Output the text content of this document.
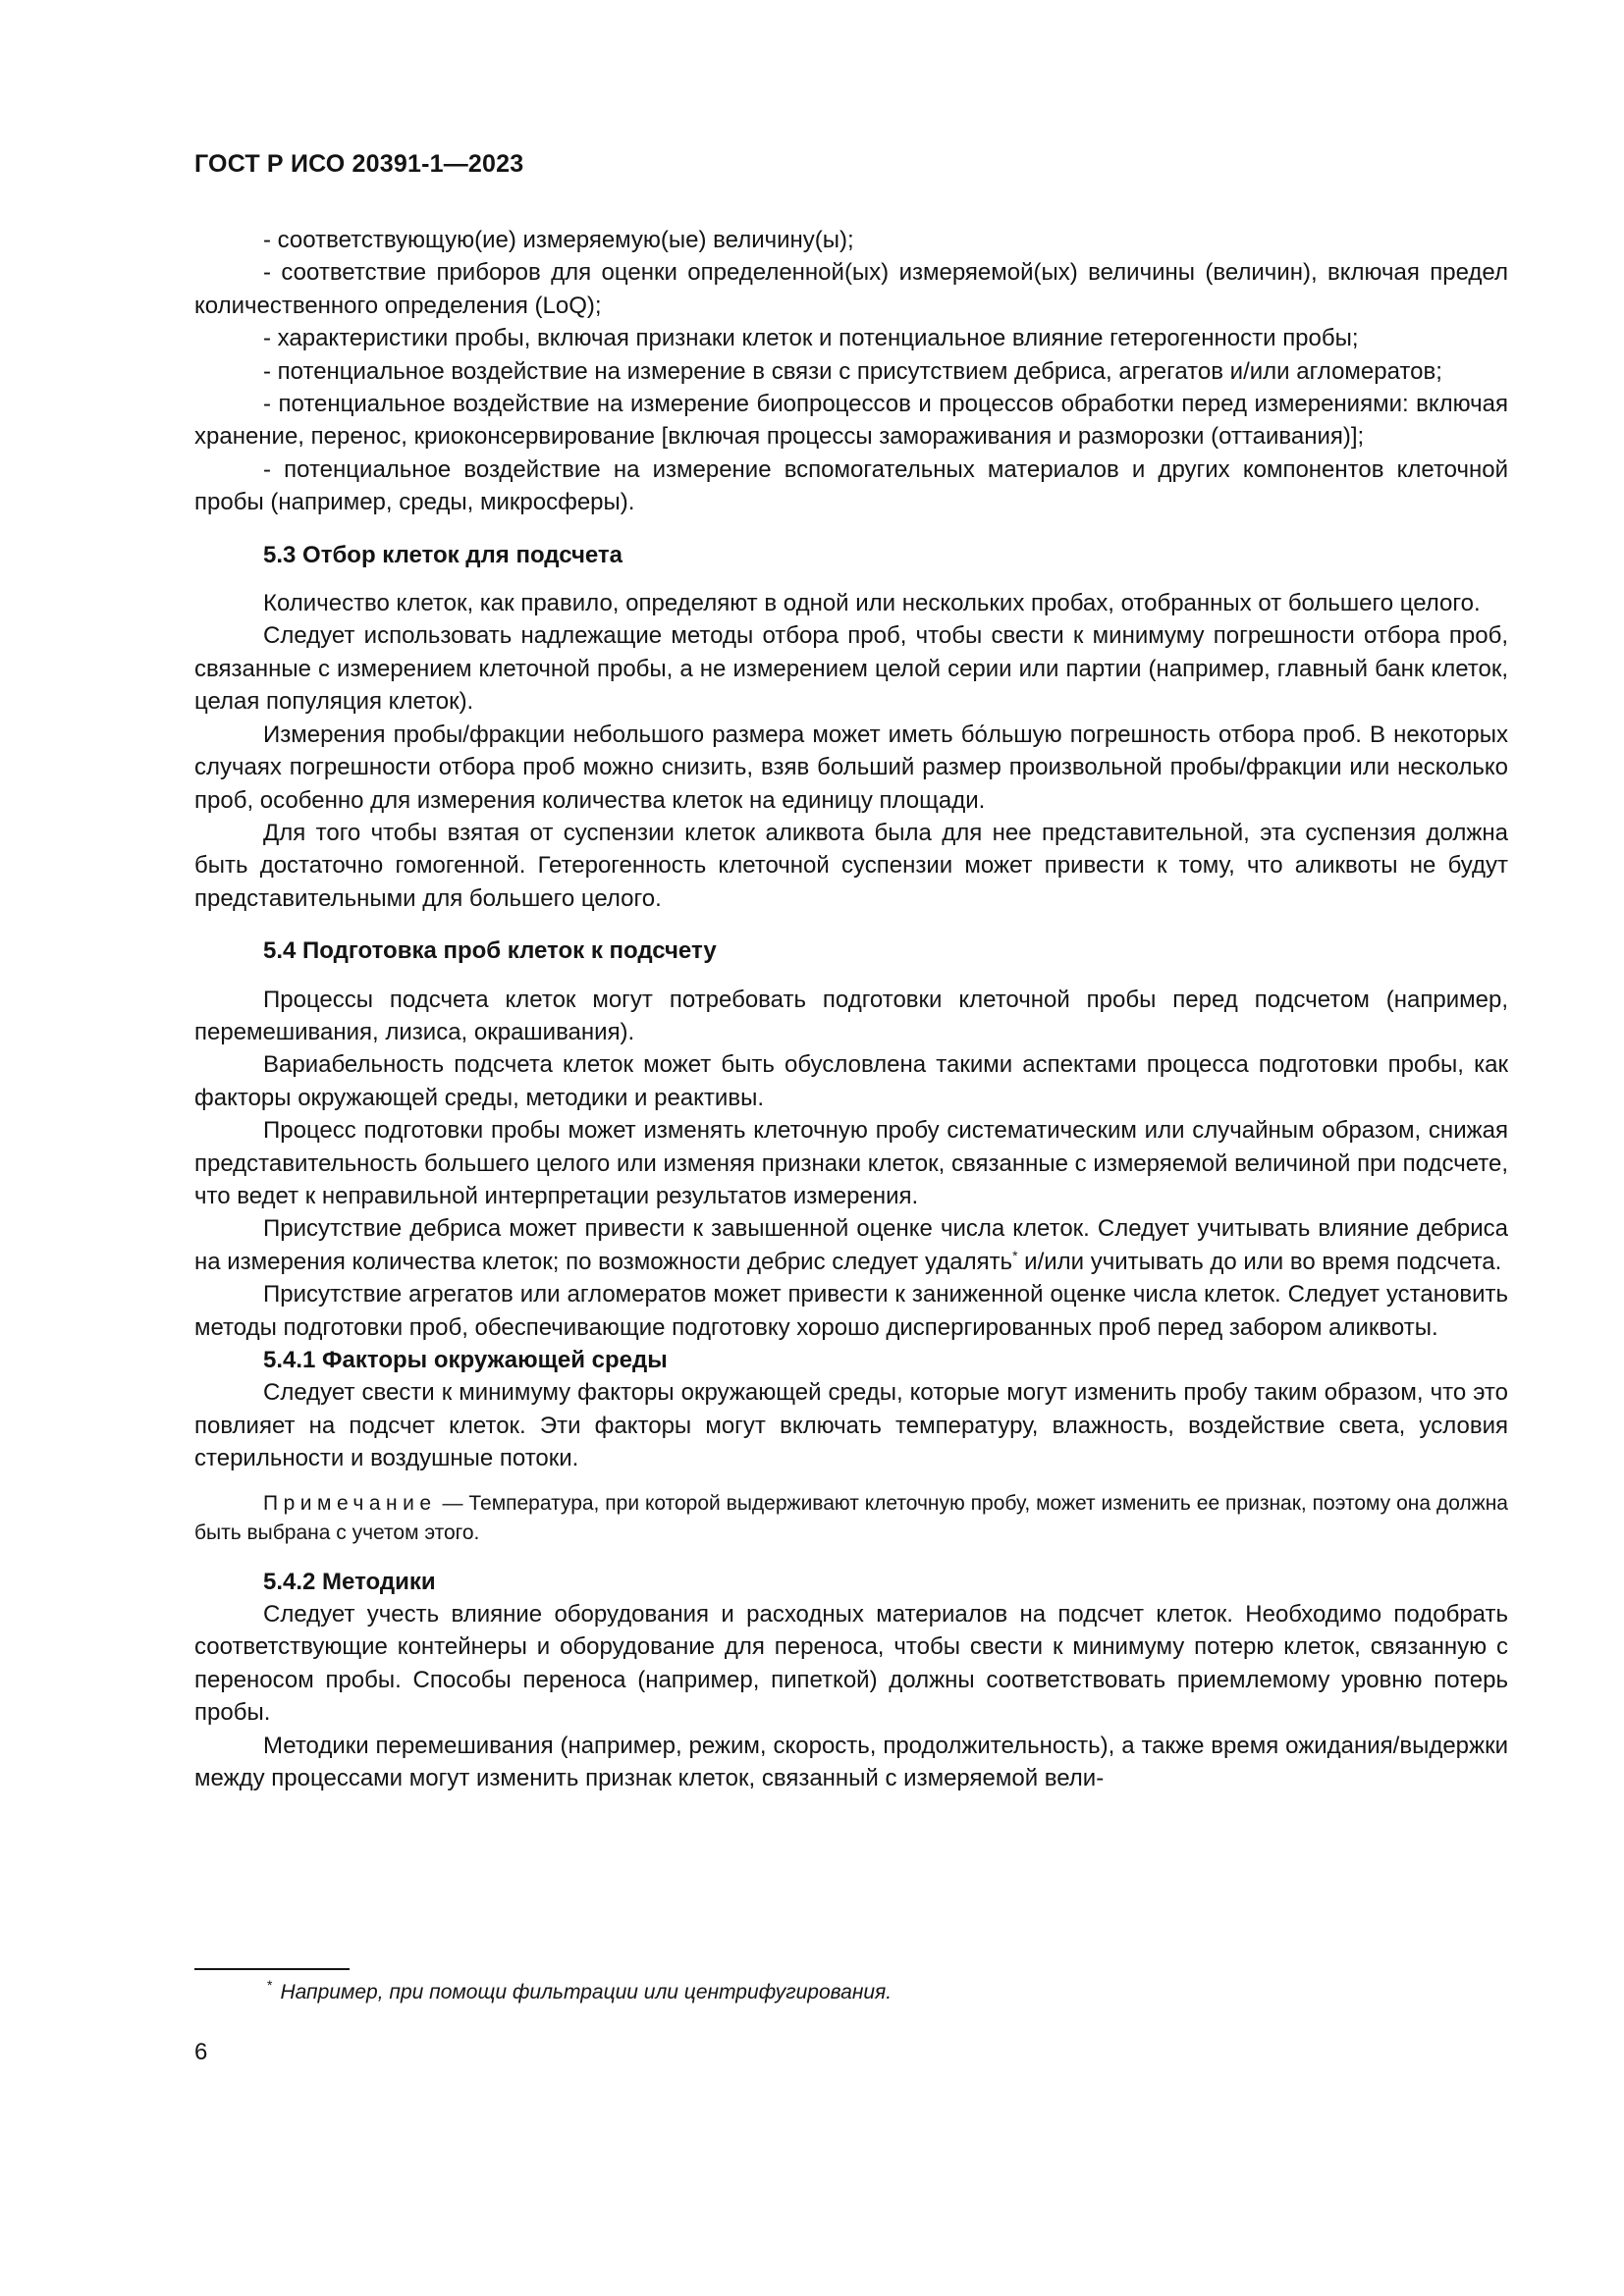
ГОСТ Р ИСО 20391-1—2023

- соответствующую(ие) измеряемую(ые) величину(ы);

- соответствие приборов для оценки определенной(ых) измеряемой(ых) величины (величин), включая предел количественного определения (LoQ);

- характеристики пробы, включая признаки клеток и потенциальное влияние гетерогенности пробы;

- потенциальное воздействие на измерение в связи с присутствием дебриса, агрегатов и/или агломератов;

- потенциальное воздействие на измерение биопроцессов и процессов обработки перед измерениями: включая хранение, перенос, криоконсервирование [включая процессы замораживания и разморозки (оттаивания)];

- потенциальное воздействие на измерение вспомогательных материалов и других компонентов клеточной пробы (например, среды, микросферы).

5.3 Отбор клеток для подсчета

Количество клеток, как правило, определяют в одной или нескольких пробах, отобранных от большего целого.

Следует использовать надлежащие методы отбора проб, чтобы свести к минимуму погрешности отбора проб, связанные с измерением клеточной пробы, а не измерением целой серии или партии (например, главный банк клеток, целая популяция клеток).

Измерения пробы/фракции небольшого размера может иметь бо́льшую погрешность отбора проб. В некоторых случаях погрешности отбора проб можно снизить, взяв больший размер произвольной пробы/фракции или несколько проб, особенно для измерения количества клеток на единицу площади.

Для того чтобы взятая от суспензии клеток аликвота была для нее представительной, эта суспензия должна быть достаточно гомогенной. Гетерогенность клеточной суспензии может привести к тому, что аликвоты не будут представительными для большего целого.

5.4 Подготовка проб клеток к подсчету

Процессы подсчета клеток могут потребовать подготовки клеточной пробы перед подсчетом (например, перемешивания, лизиса, окрашивания).

Вариабельность подсчета клеток может быть обусловлена такими аспектами процесса подготовки пробы, как факторы окружающей среды, методики и реактивы.

Процесс подготовки пробы может изменять клеточную пробу систематическим или случайным образом, снижая представительность большего целого или изменяя признаки клеток, связанные с измеряемой величиной при подсчете, что ведет к неправильной интерпретации результатов измерения.

Присутствие дебриса может привести к завышенной оценке числа клеток. Следует учитывать влияние дебриса на измерения количества клеток; по возможности дебрис следует удалять* и/или учитывать до или во время подсчета.

Присутствие агрегатов или агломератов может привести к заниженной оценке числа клеток. Следует установить методы подготовки проб, обеспечивающие подготовку хорошо диспергированных проб перед забором аликвоты.

5.4.1 Факторы окружающей среды

Следует свести к минимуму факторы окружающей среды, которые могут изменить пробу таким образом, что это повлияет на подсчет клеток. Эти факторы могут включать температуру, влажность, воздействие света, условия стерильности и воздушные потоки.

Примечание — Температура, при которой выдерживают клеточную пробу, может изменить ее признак, поэтому она должна быть выбрана с учетом этого.

5.4.2 Методики

Следует учесть влияние оборудования и расходных материалов на подсчет клеток. Необходимо подобрать соответствующие контейнеры и оборудование для переноса, чтобы свести к минимуму потерю клеток, связанную с переносом пробы. Способы переноса (например, пипеткой) должны соответствовать приемлемому уровню потерь пробы.

Методики перемешивания (например, режим, скорость, продолжительность), а также время ожидания/выдержки между процессами могут изменить признак клеток, связанный с измеряемой вели-

* Например, при помощи фильтрации или центрифугирования.
6
